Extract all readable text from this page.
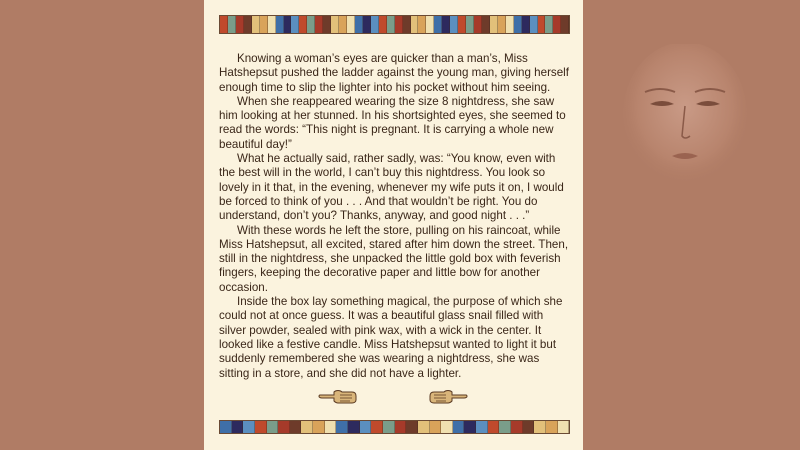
Knowing a woman’s eyes are quicker than a man’s, Miss Hatshepsut pushed the ladder against the young man, giving herself enough time to slip the lighter into his pocket without him seeing.

When she reappeared wearing the size 8 nightdress, she saw him looking at her stunned. In his shortsighted eyes, she seemed to read the words: “This night is pregnant. It is carrying a whole new beautiful day!”

What he actually said, rather sadly, was: “You know, even with the best will in the world, I can’t buy this nightdress. You look so lovely in it that, in the evening, whenever my wife puts it on, I would be forced to think of you . . . And that wouldn’t be right. You do understand, don’t you? Thanks, anyway, and good night . . .”

With these words he left the store, pulling on his raincoat, while Miss Hatshepsut, all excited, stared after him down the street. Then, still in the nightdress, she unpacked the little gold box with feverish fingers, keeping the decorative paper and little bow for another occasion.

Inside the box lay something magical, the purpose of which she could not at once guess. It was a beautiful glass snail filled with silver powder, sealed with pink wax, with a wick in the center. It looked like a festive candle. Miss Hatshepsut wanted to light it but suddenly remembered she was wearing a nightdress, she was sitting in a store, and she did not have a lighter.
